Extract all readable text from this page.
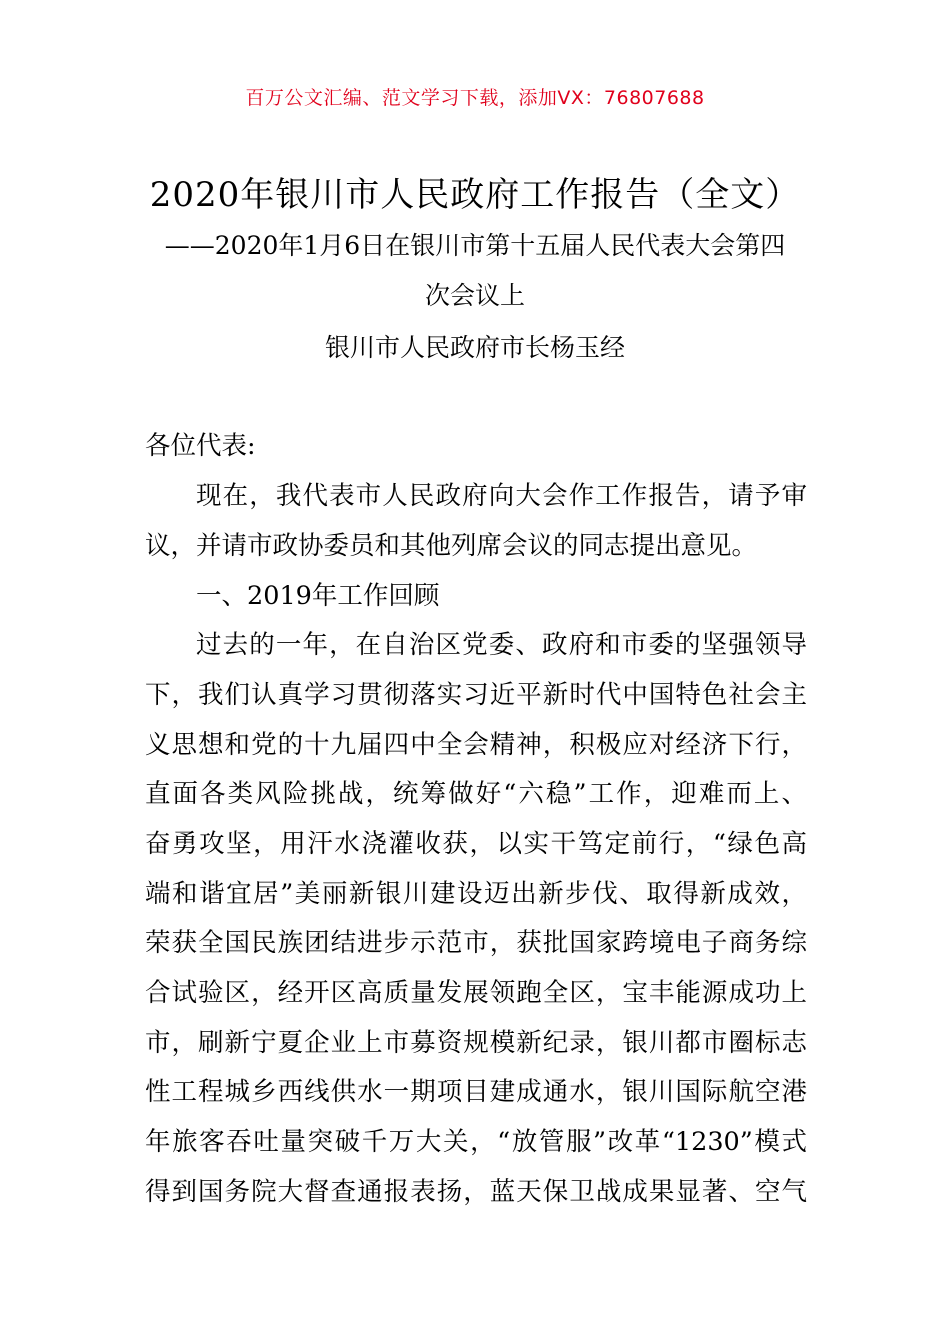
百万公文汇编、范文学习下载，添加VX：76807688
2020年银川市人民政府工作报告（全文）
——2020年1月6日在银川市第十五届人民代表大会第四
次会议上
银川市人民政府市长杨玉经
各位代表:
现在，我代表市人民政府向大会作工作报告，请予审
议，并请市政协委员和其他列席会议的同志提出意见。
一、2019年工作回顾
过去的一年，在自治区党委、政府和市委的坚强领导
下，我们认真学习贯彻落实习近平新时代中国特色社会主
义思想和党的十九届四中全会精神，积极应对经济下行，
直面各类风险挑战，统筹做好“六稳”工作，迎难而上、
奋勇攻坚，用汗水浇灌收获，以实干笃定前行，“绿色高
端和谐宜居”美丽新银川建设迈出新步伐、取得新成效，
荣获全国民族团结进步示范市，获批国家跨境电子商务综
合试验区，经开区高质量发展领跑全区，宝丰能源成功上
市，刷新宁夏企业上市募资规模新纪录，银川都市圈标志
性工程城乡西线供水一期项目建成通水，银川国际航空港
年旅客吞吐量突破千万大关，“放管服”改革“1230”模式
得到国务院大督查通报表扬，蓝天保卫战成果显著、空气
